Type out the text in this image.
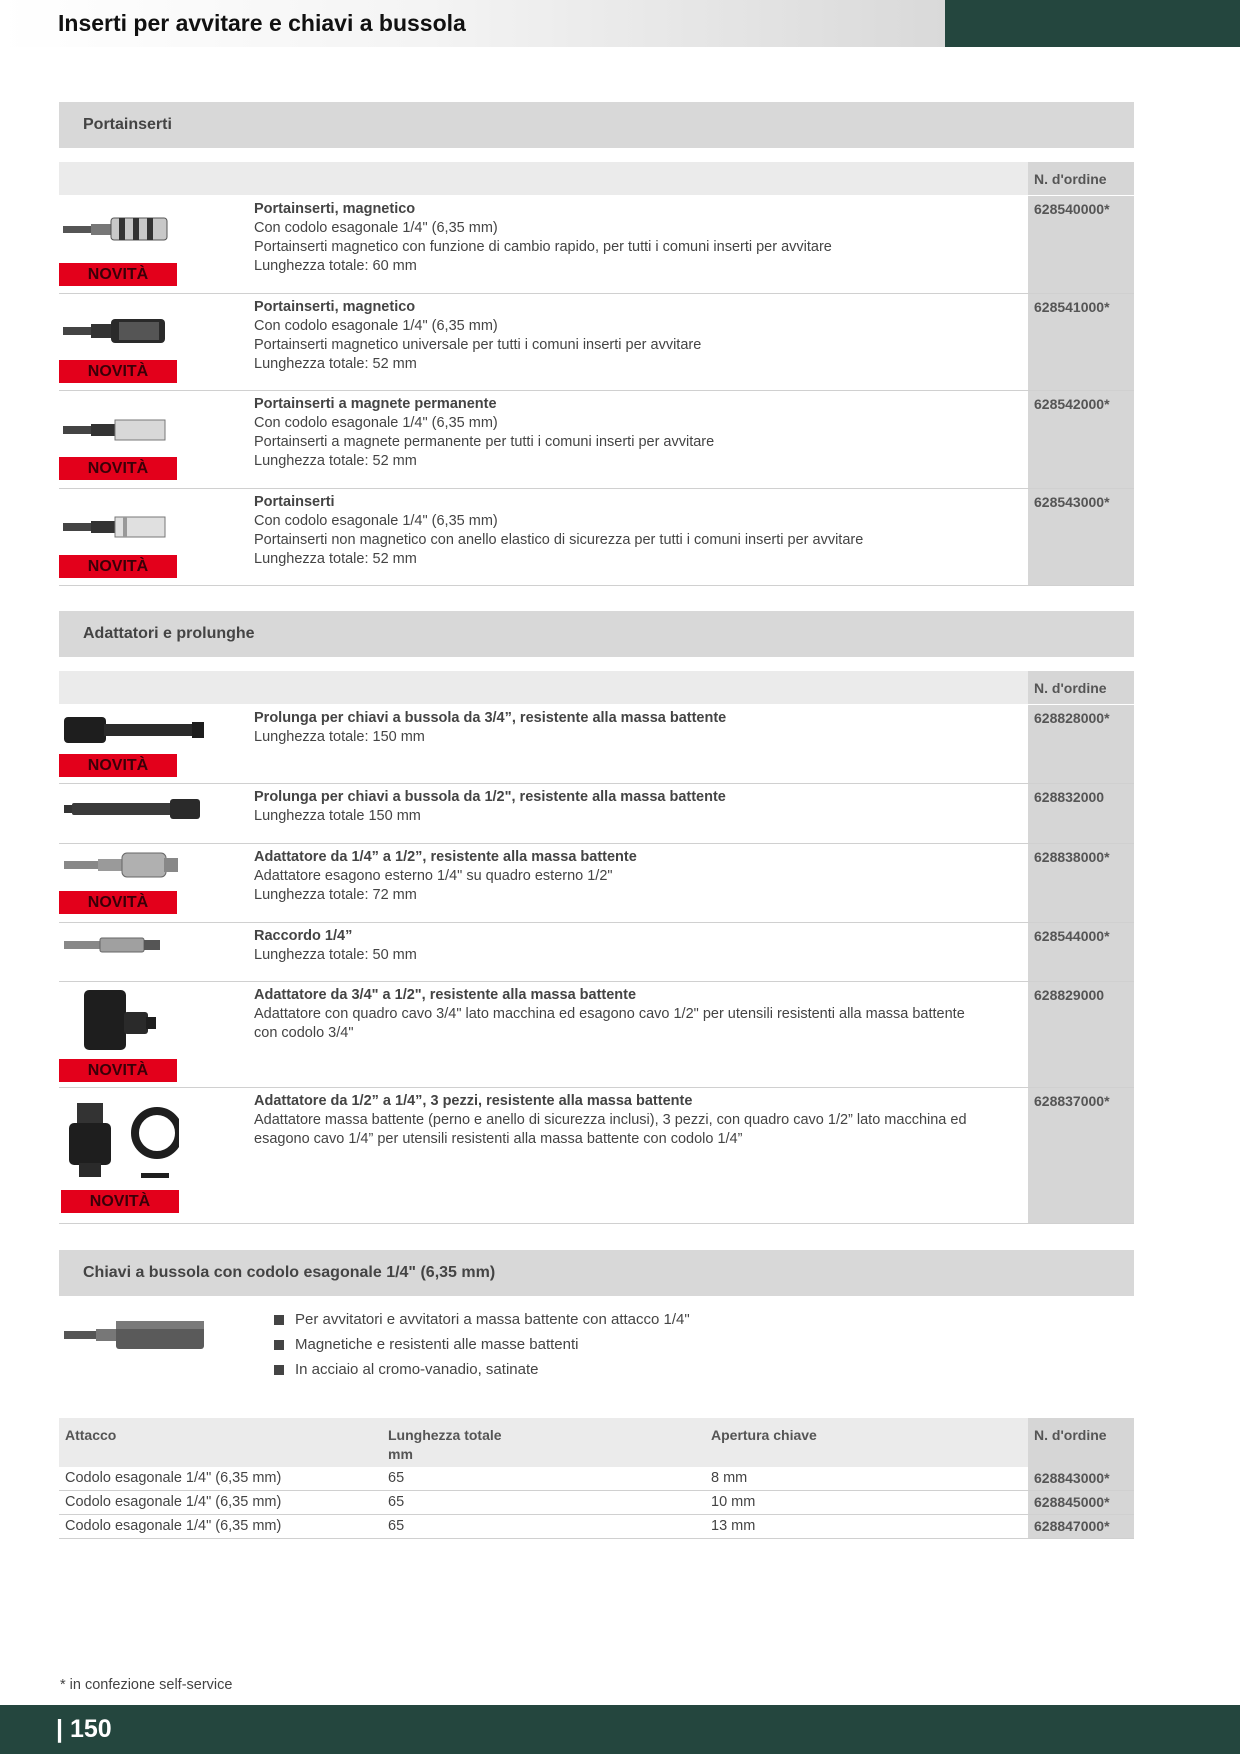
Inserti per avvitare e chiavi a bussola
Portainserti
N. d'ordine
NOVITÀ
Portainserti, magnetico
Con codolo esagonale 1/4" (6,35 mm)
Portainserti magnetico con funzione di cambio rapido, per tutti i comuni inserti per avvitare
Lunghezza totale: 60 mm
628540000*
NOVITÀ
Portainserti, magnetico
Con codolo esagonale 1/4" (6,35 mm)
Portainserti magnetico universale per tutti i comuni inserti per avvitare
Lunghezza totale: 52 mm
628541000*
NOVITÀ
Portainserti a magnete permanente
Con codolo esagonale 1/4" (6,35 mm)
Portainserti a magnete permanente per tutti i comuni inserti per avvitare
Lunghezza totale: 52 mm
628542000*
NOVITÀ
Portainserti
Con codolo esagonale 1/4" (6,35 mm)
Portainserti non magnetico con anello elastico di sicurezza per tutti i comuni inserti per avvitare
Lunghezza totale: 52 mm
628543000*
Adattatori e prolunghe
N. d'ordine
NOVITÀ
Prolunga per chiavi a bussola da 3/4”, resistente alla massa battente
Lunghezza totale: 150 mm
628828000*
Prolunga per chiavi a bussola da 1/2", resistente alla massa battente
Lunghezza totale 150 mm
628832000
NOVITÀ
Adattatore da 1/4” a 1/2”, resistente alla massa battente
Adattatore esagono esterno 1/4" su quadro esterno 1/2"
Lunghezza totale: 72 mm
628838000*
Raccordo 1/4”
Lunghezza totale: 50 mm
628544000*
NOVITÀ
Adattatore da 3/4" a 1/2", resistente alla massa battente
Adattatore con quadro cavo 3/4" lato macchina ed esagono cavo 1/2" per utensili resistenti alla massa battente
con codolo 3/4"
628829000
NOVITÀ
Adattatore da 1/2” a 1/4”, 3 pezzi, resistente alla massa battente
Adattatore massa battente (perno e anello di sicurezza inclusi), 3 pezzi, con quadro cavo 1/2” lato macchina ed
esagono cavo 1/4” per utensili resistenti alla massa battente con codolo 1/4”
628837000*
Chiavi a bussola con codolo esagonale 1/4" (6,35 mm)
Per avvitatori e avvitatori a massa battente con attacco 1/4"
Magnetiche e resistenti alle masse battenti
In acciaio al cromo-vanadio, satinate
Attacco	Lunghezza totale
mm
Apertura chiave	N. d'ordine
Codolo esagonale 1/4" (6,35 mm)	65	8 mm	628843000*
Codolo esagonale 1/4" (6,35 mm)	65	10 mm	628845000*
Codolo esagonale 1/4" (6,35 mm)	65	13 mm	628847000*
* in confezione self-service
| 150
